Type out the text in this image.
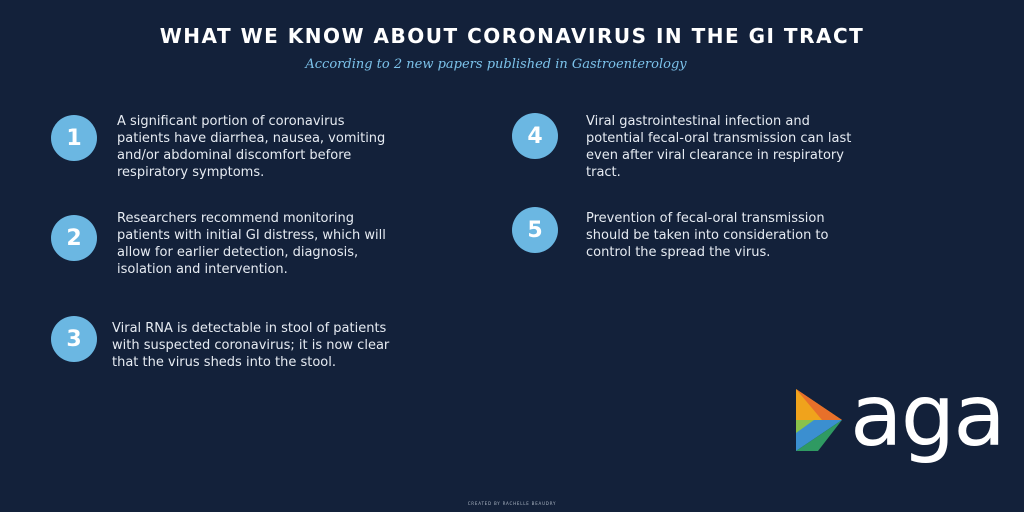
WHAT WE KNOW ABOUT CORONAVIRUS IN THE GI TRACT
According to 2 new papers published in Gastroenterology
1
A significant portion of coronavirus patients have diarrhea, nausea, vomiting and/or abdominal discomfort before respiratory symptoms.
2
Researchers recommend monitoring patients with initial GI distress, which will allow for earlier detection, diagnosis, isolation and intervention.
3	Viral RNA is detectable in stool of patients with suspected coronavirus; it is now clear that the virus sheds into the stool.
4
Viral gastrointestinal infection and potential fecal-oral transmission can last even after viral clearance in respiratory tract.
5	Prevention of fecal-oral transmission should be taken into consideration to control the spread the virus.
aga
CREATED BY RACHELLE BEAUDRY
